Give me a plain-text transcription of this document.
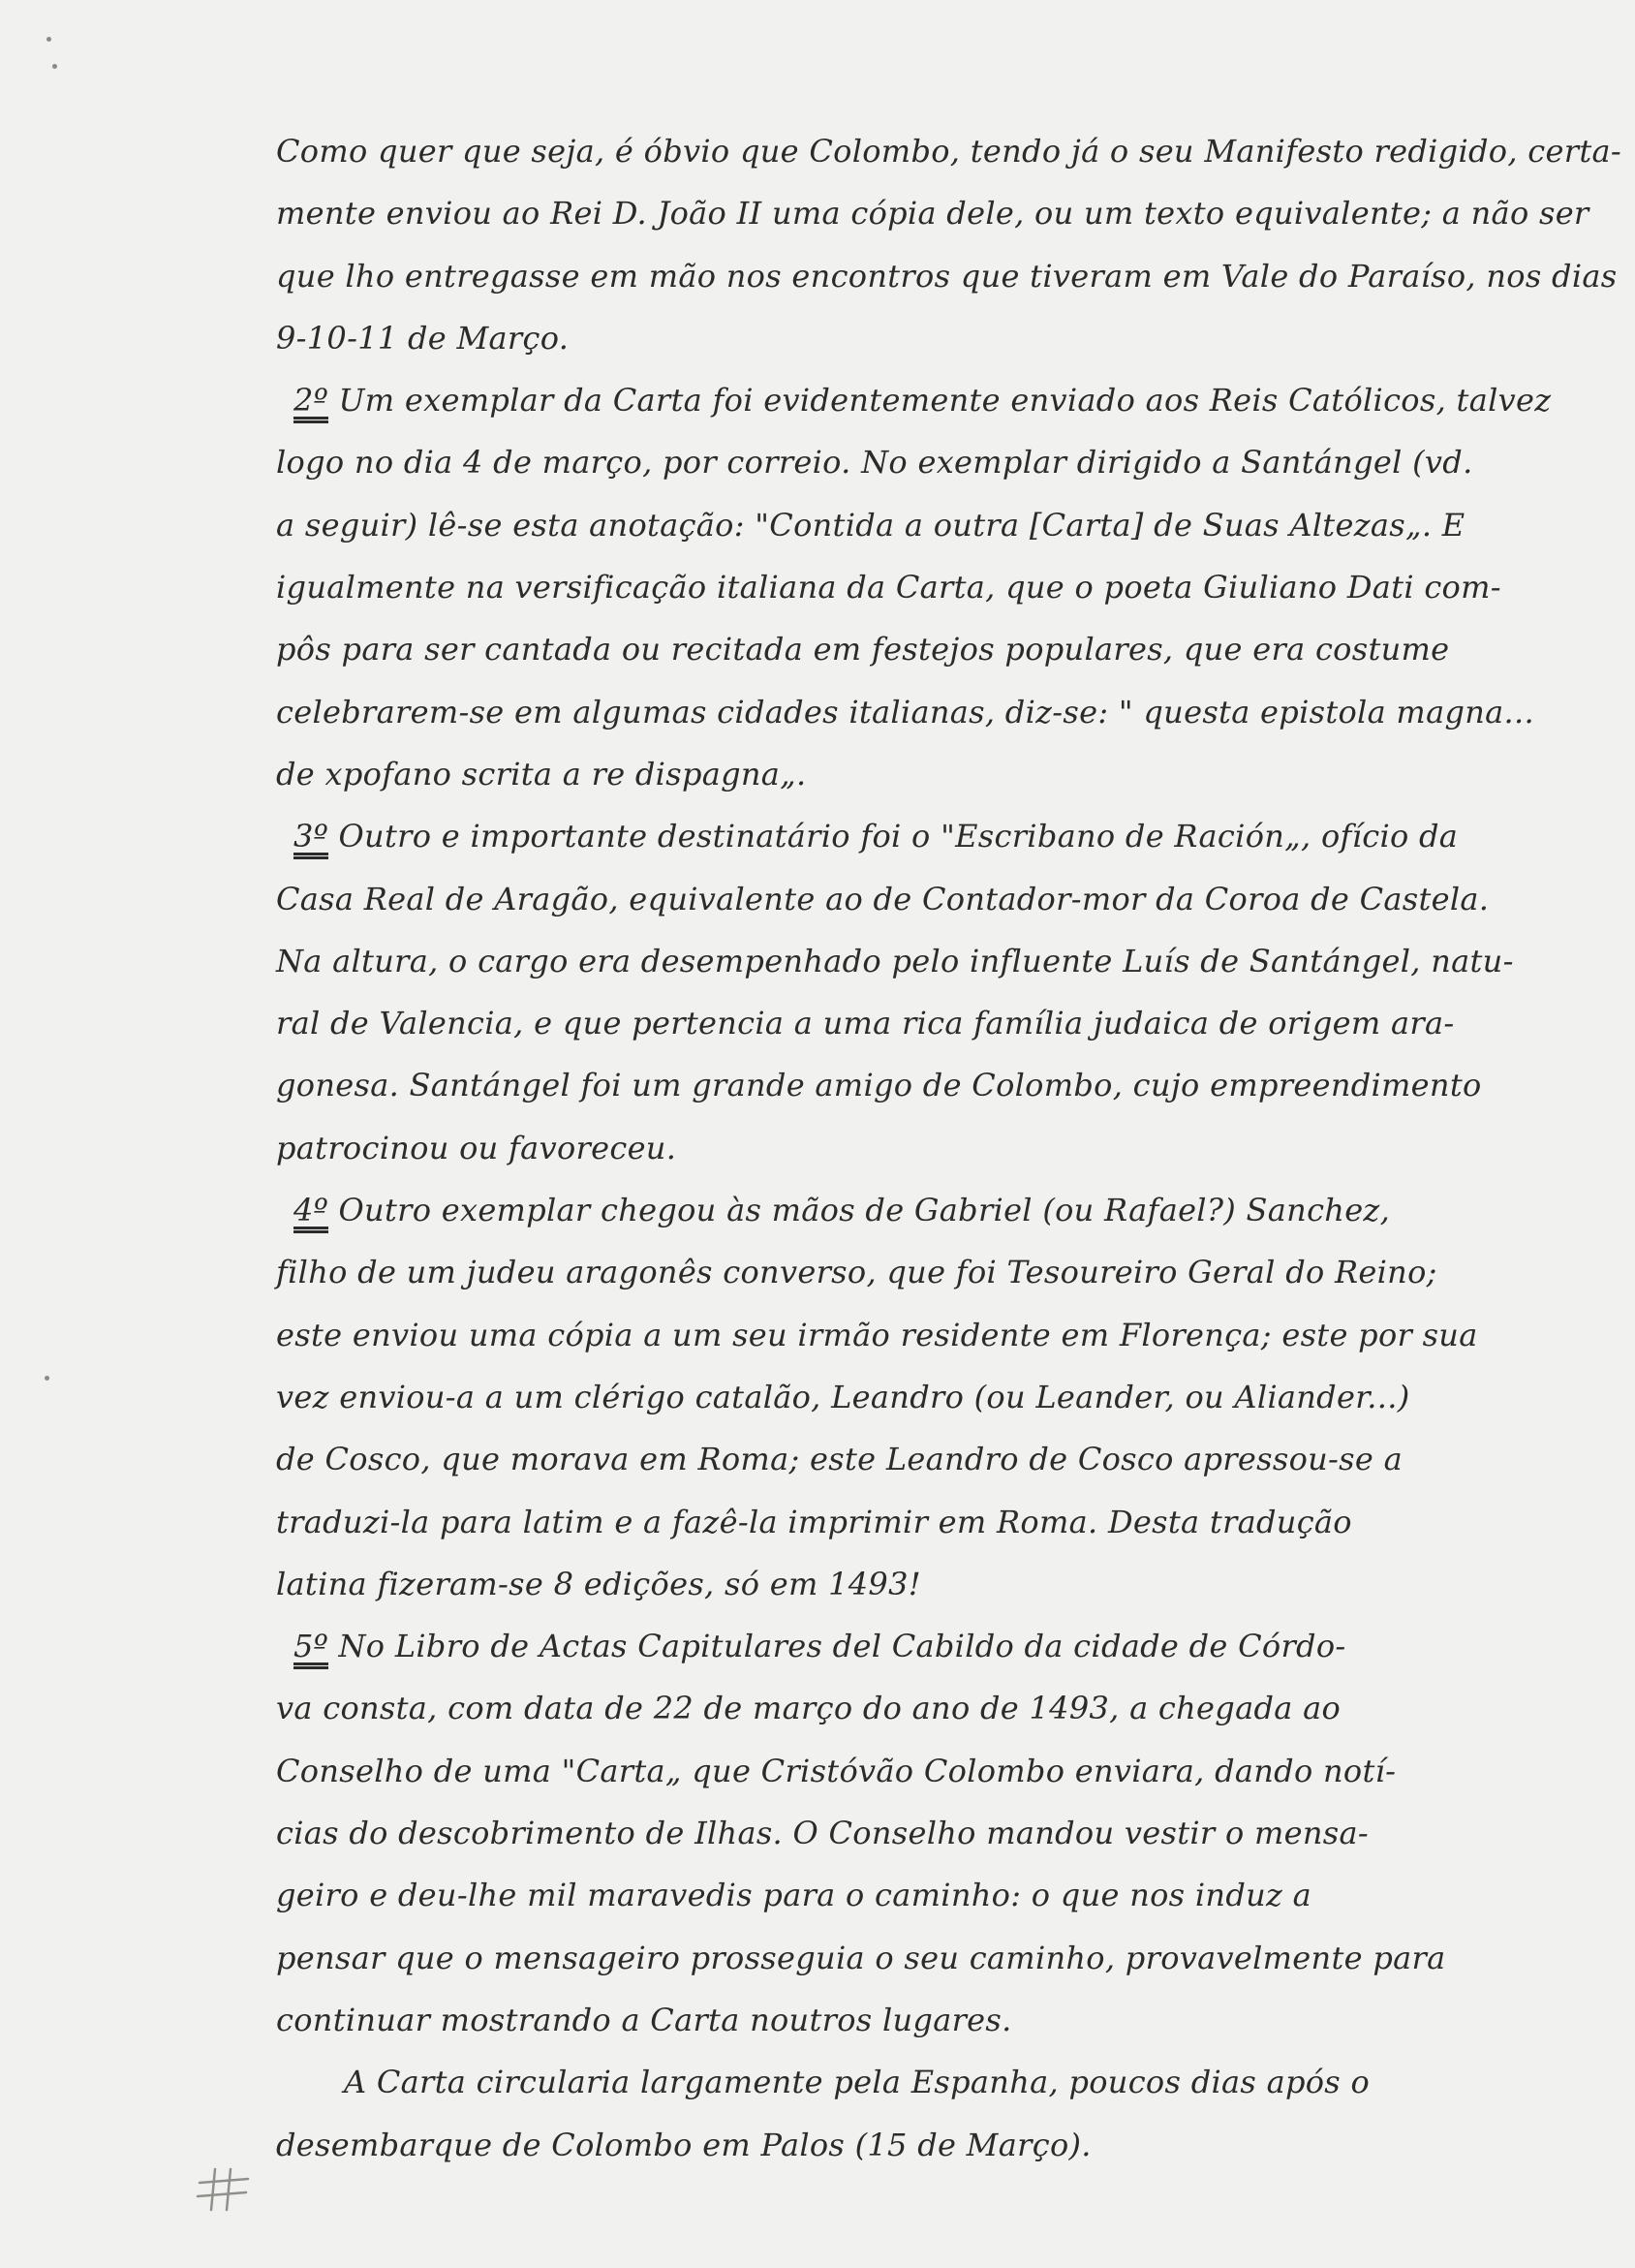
Como quer que seja, é óbvio que Colombo, tendo já o seu Manifesto redigido, certa-
mente enviou ao Rei D. João II uma cópia dele, ou um texto equivalente; a não ser
que lho entregasse em mão nos encontros que tiveram em Vale do Paraíso, nos dias
9-10-11 de Março.
2º Um exemplar da Carta foi evidentemente enviado aos Reis Católicos, talvez
logo no dia 4 de março, por correio. No exemplar dirigido a Santángel (vd.
a seguir) lê-se esta anotação: "Contida a outra [Carta] de Suas Altezas„. E
igualmente na versificação italiana da Carta, que o poeta Giuliano Dati com-
pôs para ser cantada ou recitada em festejos populares, que era costume
celebrarem-se em algumas cidades italianas, diz-se: " questa epistola magna...
de xpofano scrita a re dispagna„.
3º Outro e importante destinatário foi o "Escribano de Ración„, ofício da
Casa Real de Aragão, equivalente ao de Contador-mor da Coroa de Castela.
Na altura, o cargo era desempenhado pelo influente Luís de Santángel, natu-
ral de Valencia, e que pertencia a uma rica família judaica de origem ara-
gonesa. Santángel foi um grande amigo de Colombo, cujo empreendimento
patrocinou ou favoreceu.
4º Outro exemplar chegou às mãos de Gabriel (ou Rafael?) Sanchez,
filho de um judeu aragonês converso, que foi Tesoureiro Geral do Reino;
este enviou uma cópia a um seu irmão residente em Florença; este por sua
vez enviou-a a um clérigo catalão, Leandro (ou Leander, ou Aliander...)
de Cosco, que morava em Roma; este Leandro de Cosco apressou-se a
traduzi-la para latim e a fazê-la imprimir em Roma. Desta tradução
latina fizeram-se 8 edições, só em 1493!
5º No Libro de Actas Capitulares del Cabildo da cidade de Córdo-
va consta, com data de 22 de março do ano de 1493, a chegada ao
Conselho de uma "Carta„ que Cristóvão Colombo enviara, dando notí-
cias do descobrimento de Ilhas. O Conselho mandou vestir o mensa-
geiro e deu-lhe mil maravedis para o caminho: o que nos induz a
pensar que o mensageiro prosseguia o seu caminho, provavelmente para
continuar mostrando a Carta noutros lugares.
A Carta circularia largamente pela Espanha, poucos dias após o
desembarque de Colombo em Palos (15 de Março).
